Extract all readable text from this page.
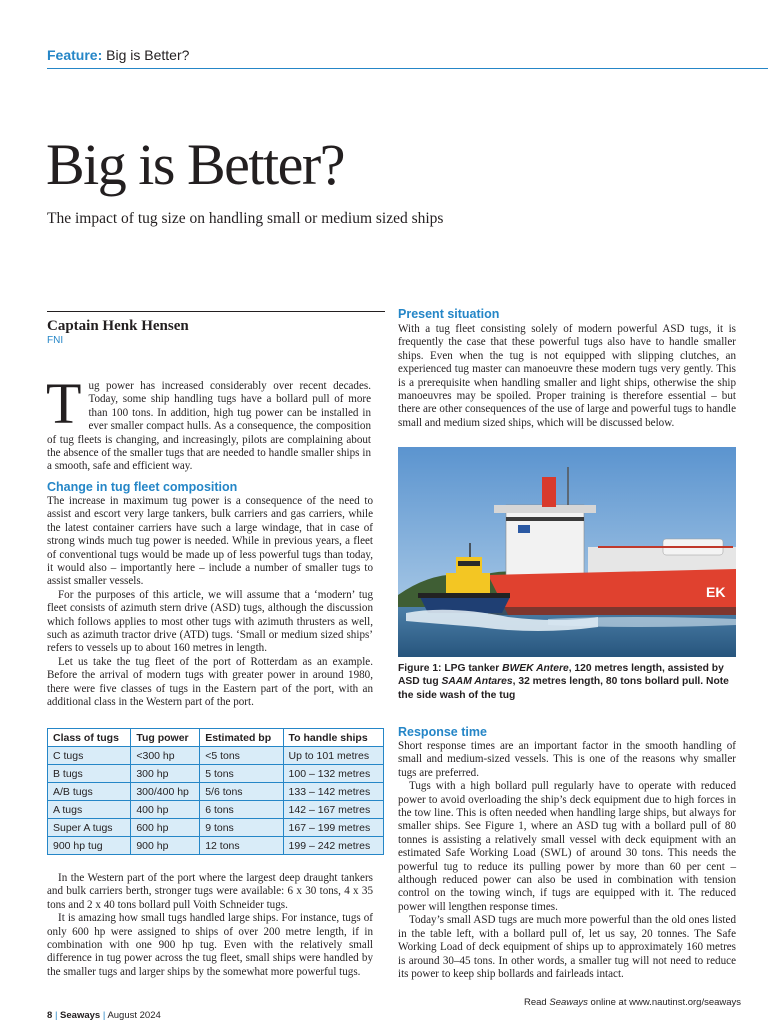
Feature: Big is Better?
Big is Better?
The impact of tug size on handling small or medium sized ships
Captain Henk Hensen
FNI
Tug power has increased considerably over recent decades. Today, some ship handling tugs have a bollard pull of more than 100 tons. In addition, high tug power can be installed in ever smaller compact hulls. As a consequence, the composition of tug fleets is changing, and increasingly, pilots are complaining about the absence of the smaller tugs that are needed to handle smaller ships in a smooth, safe and efficient way.
Change in tug fleet composition

The increase in maximum tug power is a consequence of the need to assist and escort very large tankers, bulk carriers and gas carriers, while the latest container carriers have such a large windage, that in case of strong winds much tug power is needed. While in previous years, a fleet of conventional tugs would be made up of less powerful tugs than today, it would also – importantly here – include a number of smaller tugs to assist smaller vessels.

For the purposes of this article, we will assume that a ‘modern’ tug fleet consists of azimuth stern drive (ASD) tugs, although the discussion which follows applies to most other tugs with azimuth thrusters as well, such as azimuth tractor drive (ATD) tugs. ‘Small or medium sized ships’ refers to vessels up to about 160 metres in length.

Let us take the tug fleet of the port of Rotterdam as an example. Before the arrival of modern tugs with greater power in around 1980, there were five classes of tugs in the Eastern part of the port, with an additional class in the Western part of the port.

Class of tugs	Tug power	Estimated bp	To handle ships
C tugs	<300 hp	<5 tons	Up to 101 metres
B tugs	300 hp	5 tons	100 – 132 metres
A/B tugs	300/400 hp	5/6 tons	133 – 142 metres
A tugs	400 hp	6 tons	142 – 167 metres
Super A tugs	600 hp	9 tons	167 – 199 metres
900 hp tug	900 hp	12 tons	199 – 242 metres

In the Western part of the port where the largest deep draught tankers and bulk carriers berth, stronger tugs were available: 6 x 30 tons, 4 x 35 tons and 2 x 40 tons bollard pull Voith Schneider tugs.

It is amazing how small tugs handled large ships. For instance, tugs of only 600 hp were assigned to ships of over 200 metre length, if in combination with one 900 hp tug. Even with the relatively small difference in tug power across the tug fleet, small ships were handled by the smaller tugs and larger ships by the somewhat more powerful tugs.

Present situation

With a tug fleet consisting solely of modern powerful ASD tugs, it is frequently the case that these powerful tugs also have to handle smaller ships. Even when the tug is not equipped with slipping clutches, an experienced tug master can manoeuvre these modern tugs very gently. This is a prerequisite when handling smaller and light ships, otherwise the ship manoeuvres may be spoiled. Proper training is therefore essential – but there are other consequences of the use of large and powerful tugs to handle small and medium sized ships, which will be discussed below.

EK
Figure 1: LPG tanker BWEK Antere, 120 metres length, assisted by ASD tug SAAM Antares, 32 metres length, 80 tons bollard pull. Note the side wash of the tug
Response time

Short response times are an important factor in the smooth handling of small and medium-sized vessels. This is one of the reasons why smaller tugs are preferred.

Tugs with a high bollard pull regularly have to operate with reduced power to avoid overloading the ship’s deck equipment due to high forces in the tow line. This is often needed when handling large ships, but always for smaller ships. See Figure 1, where an ASD tug with a bollard pull of 80 tonnes is assisting a relatively small vessel with deck equipment with an estimated Safe Working Load (SWL) of around 30 tons. This needs the powerful tug to reduce its pulling power by more than 60 per cent – although reduced power can also be used in combination with tension control on the towing winch, if tugs are equipped with it. The reduced power will lengthen response times.

Today’s small ASD tugs are much more powerful than the old ones listed in the table left, with a bollard pull of, let us say, 20 tonnes. The Safe Working Load of deck equipment of ships up to approximately 160 metres is around 30–45 tons. In other words, a smaller tug will not need to reduce its power to keep ship bollards and fairleads intact.

Read Seaways online at www.nautinst.org/seaways
8 | Seaways | August 2024
